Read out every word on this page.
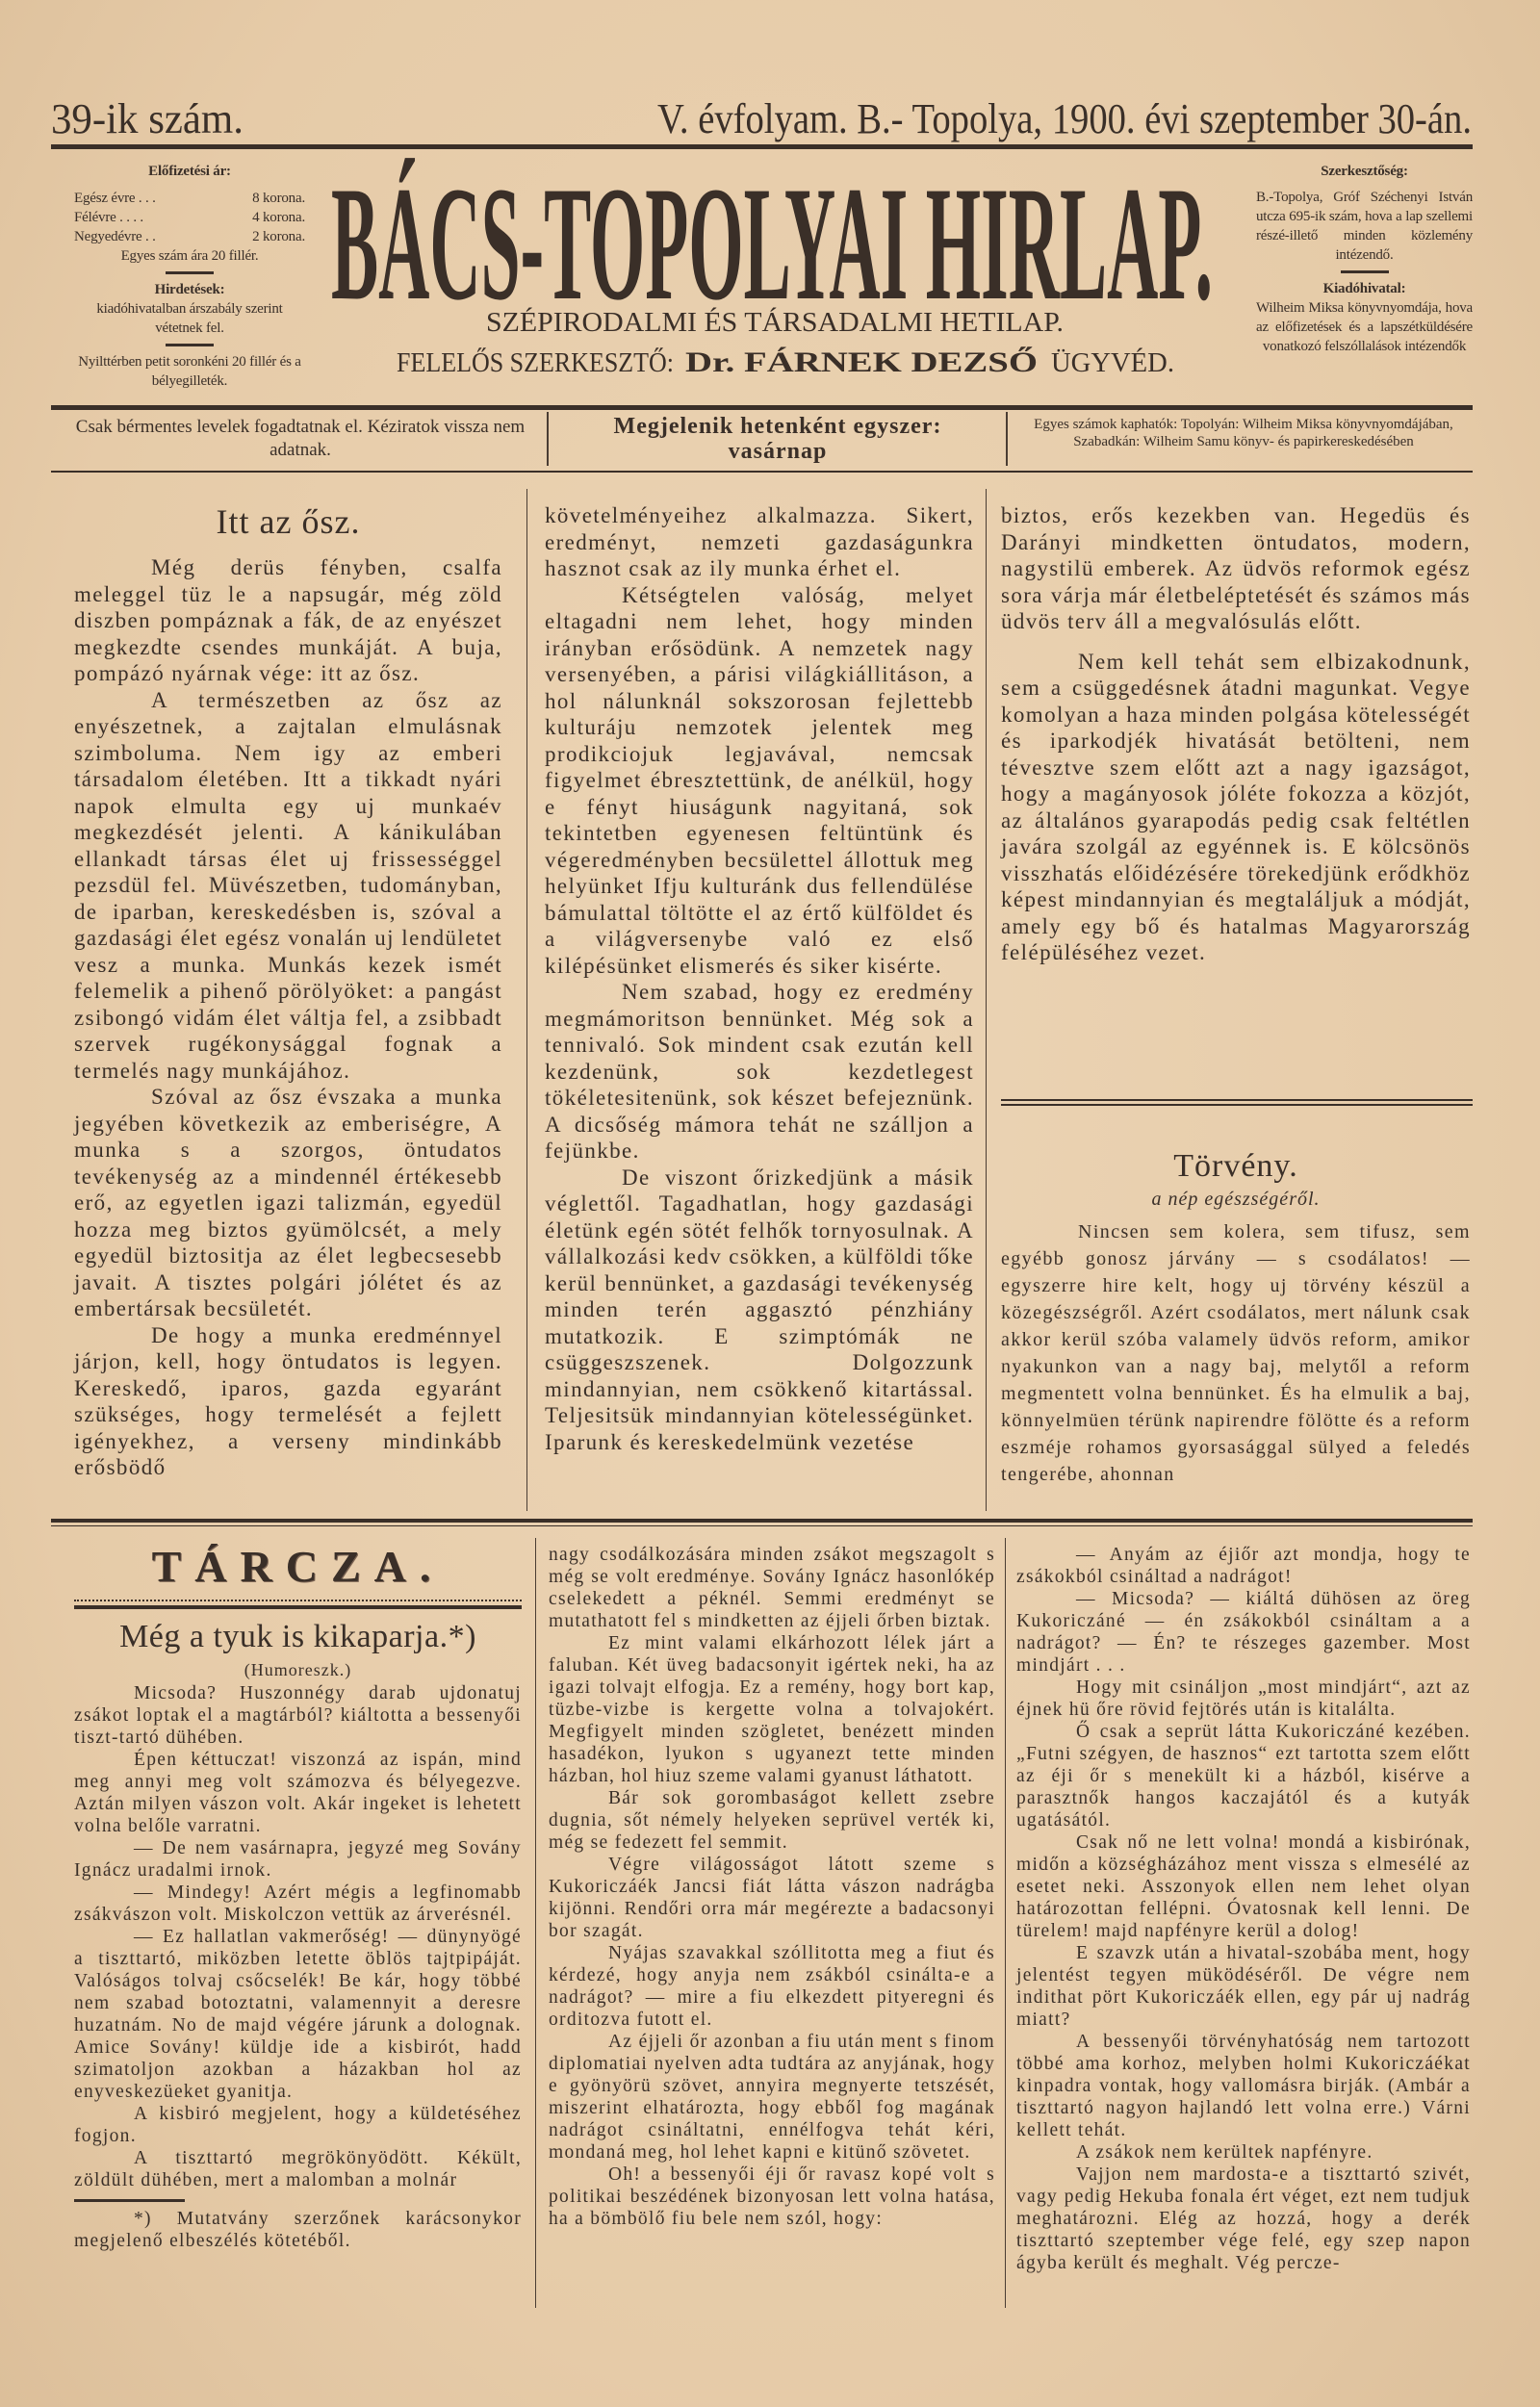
39-ik szám.	V. évfolyam. B.- Topolya, 1900. évi szeptember 30-án.
Előfizetési ár:
Egész évre . . .	8 korona.
Félévre . . . .	4 korona.
Negyedévre . .	2 korona.
Egyes szám ára 20 fillér.
Hirdetések:
kiadóhivatalban árszabály szerint vétetnek fel.
Nyilttérben petit soronkéni 20 fillér és a bélyegilleték.
BÁCS-TOPOLYAI HIRLAP.
SZÉPIRODALMI ÉS TÁRSADALMI HETILAP.
FELELŐS SZERKESZTŐ: Dr. FÁRNEK DEZSŐ ÜGYVÉD.
Szerkesztőség:
B.-Topolya, Gróf Széchenyi István utcza 695-ik szám, hova a lap szellemi részé-illető minden közlemény intézendő.
Kiadóhivatal:
Wilheim Miksa könyvnyomdája, hova az előfizetések és a lapszétküldésére vonatkozó felszóllalások intézendők
Csak bérmentes levelek fogadtatnak el. Kéziratok vissza nem adatnak.
Megjelenik hetenként egyszer:
vasárnap
Egyes számok kaphatók: Topolyán: Wilheim Miksa könyvnyomdájában, Szabadkán: Wilheim Samu könyv- és papirkereskedésében
Itt az ősz.

Még derüs fényben, csalfa meleggel tüz le a napsugár, még zöld diszben pompáznak a fák, de az enyészet megkezdte csendes munkáját. A buja, pompázó nyárnak vége: itt az ősz.

A természetben az ősz az enyészetnek, a zajtalan elmulásnak szimboluma. Nem igy az emberi társadalom életében. Itt a tikkadt nyári napok elmulta egy uj munkaév megkezdését jelenti. A kánikulában ellankadt társas élet uj frissességgel pezsdül fel. Müvészetben, tudományban, de iparban, kereskedésben is, szóval a gazdasági élet egész vonalán uj lendületet vesz a munka. Munkás kezek ismét felemelik a pihenő pörölyöket: a pangást zsibongó vidám élet váltja fel, a zsibbadt szervek rugékonysággal fognak a termelés nagy munkájához.

Szóval az ősz évszaka a munka jegyében következik az emberiségre, A munka s a szorgos, öntudatos tevékenység az a mindennél értékesebb erő, az egyetlen igazi talizmán, egyedül hozza meg biztos gyümölcsét, a mely egyedül biztositja az élet legbecsesebb javait. A tisztes polgári jólétet és az embertársak becsületét.

De hogy a munka eredménnyel járjon, kell, hogy öntudatos is legyen. Kereskedő, iparos, gazda egyaránt szükséges, hogy termelését a fejlett igényekhez, a verseny mindinkább erősbödő

követelményeihez alkalmazza. Sikert, eredményt, nemzeti gazdaságunkra hasznot csak az ily munka érhet el.

Kétségtelen valóság, melyet eltagadni nem lehet, hogy minden irányban erősödünk. A nemzetek nagy versenyében, a párisi világkiállitáson, a hol nálunknál sokszorosan fejlettebb kulturáju nemzotek jelentek meg prodikciojuk legjavával, nemcsak figyelmet ébresztettünk, de anélkül, hogy e fényt hiuságunk nagyitaná, sok tekintetben egyenesen feltüntünk és végeredményben becsülettel állottuk meg helyünket Ifju kulturánk dus fellendülése bámulattal töltötte el az értő külföldet és a világversenybe való ez első kilépésünket elismerés és siker kisérte.

Nem szabad, hogy ez eredmény megmámoritson bennünket. Még sok a tennivaló. Sok mindent csak ezután kell kezdenünk, sok kezdetlegest tökéletesitenünk, sok készet befejeznünk. A dicsőség mámora tehát ne szálljon a fejünkbe.

De viszont őrizkedjünk a másik véglettől. Tagadhatlan, hogy gazdasági életünk egén sötét felhők tornyosulnak. A vállalkozási kedv csökken, a külföldi tőke kerül bennünket, a gazdasági tevékenység minden terén aggasztó pénzhiány mutatkozik. E szimptómák ne csüggeszszenek. Dolgozzunk mindannyian, nem csökkenő kitartással. Teljesitsük mindannyian kötelességünket. Iparunk és kereskedelmünk vezetése

biztos, erős kezekben van. Hegedüs és Darányi mindketten öntudatos, modern, nagystilü emberek. Az üdvös reformok egész sora várja már életbeléptetését és számos más üdvös terv áll a megvalósulás előtt.

Nem kell tehát sem elbizakodnunk, sem a csüggedésnek átadni magunkat. Vegye komolyan a haza minden polgása kötelességét és iparkodjék hivatását betölteni, nem tévesztve szem előtt azt a nagy igazságot, hogy a magányosok jóléte fokozza a közjót, az általános gyarapodás pedig csak feltétlen javára szolgál az egyénnek is. E kölcsönös visszhatás előidézésére törekedjünk erődkhöz képest mindannyian és megtaláljuk a módját, amely egy bő és hatalmas Magyarország felépüléséhez vezet.

Törvény.
a nép egészségéről.

Nincsen sem kolera, sem tifusz, sem egyébb gonosz járvány — s csodálatos! — egyszerre hire kelt, hogy uj törvény készül a közegészségről. Azért csodálatos, mert nálunk csak akkor kerül szóba valamely üdvös reform, amikor nyakunkon van a nagy baj, melytől a reform megmentett volna bennünket. És ha elmulik a baj, könnyelmüen térünk napirendre fölötte és a reform eszméje rohamos gyorsasággal sülyed a feledés tengerébe, ahonnan

TÁRCZA.
Még a tyuk is kikaparja.*)
(Humoreszk.)

Micsoda? Huszonnégy darab ujdonatuj zsákot loptak el a magtárból? kiáltotta a bessenyői tiszt-tartó dühében.

Épen kéttuczat! viszonzá az ispán, mind meg annyi meg volt számozva és bélyegezve. Aztán milyen vászon volt. Akár ingeket is lehetett volna belőle varratni.

— De nem vasárnapra, jegyzé meg Sovány Ignácz uradalmi irnok.

— Mindegy! Azért mégis a legfinomabb zsákvászon volt. Miskolczon vettük az árverésnél.

— Ez hallatlan vakmerőség! — dünynyögé a tiszttartó, miközben letette öblös tajtpipáját. Valóságos tolvaj csőcselék! Be kár, hogy többé nem szabad botoztatni, valamennyit a deresre huzatnám. No de majd végére járunk a dolognak. Amice Sovány! küldje ide a kisbirót, hadd szimatoljon azokban a házakban hol az enyveskezüeket gyanitja.

A kisbiró megjelent, hogy a küldetéséhez fogjon.

A tiszttartó megrökönyödött. Kékült, zöldült dühében, mert a malomban a molnár

*) Mutatvány szerzőnek karácsonykor megjelenő elbeszélés kötetéből.

nagy csodálkozására minden zsákot megszagolt s még se volt eredménye. Sovány Ignácz hasonlókép cselekedett a péknél. Semmi eredményt se mutathatott fel s mindketten az éjjeli őrben biztak.

Ez mint valami elkárhozott lélek járt a faluban. Két üveg badacsonyit igértek neki, ha az igazi tolvajt elfogja. Ez a remény, hogy bort kap, tüzbe-vizbe is kergette volna a tolvajokért. Megfigyelt minden szögletet, benézett minden hasadékon, lyukon s ugyanezt tette minden házban, hol hiuz szeme valami gyanust láthatott.

Bár sok gorombaságot kellett zsebre dugnia, sőt némely helyeken seprüvel verték ki, még se fedezett fel semmit.

Végre világosságot látott szeme s Kukoriczáék Jancsi fiát látta vászon nadrágba kijönni. Rendőri orra már megérezte a badacsonyi bor szagát.

Nyájas szavakkal szóllitotta meg a fiut és kérdezé, hogy anyja nem zsákból csinálta-e a nadrágot? — mire a fiu elkezdett pityeregni és orditozva futott el.

Az éjjeli őr azonban a fiu után ment s finom diplomatiai nyelven adta tudtára az anyjának, hogy e gyönyörü szövet, annyira megnyerte tetszését, miszerint elhatározta, hogy ebből fog magának nadrágot csináltatni, ennélfogva tehát kéri, mondaná meg, hol lehet kapni e kitünő szövetet.

Oh! a bessenyői éji őr ravasz kopé volt s politikai beszédének bizonyosan lett volna hatása, ha a bömbölő fiu bele nem szól, hogy:

— Anyám az éjiőr azt mondja, hogy te zsákokból csináltad a nadrágot!

— Micsoda? — kiáltá dühösen az öreg Kukoriczáné — én zsákokból csináltam a a nadrágot? — Én? te részeges gazember. Most mindjárt . . .

Hogy mit csináljon „most mindjárt“, azt az éjnek hü őre rövid fejtörés után is kitalálta.

Ő csak a seprüt látta Kukoriczáné kezében. „Futni szégyen, de hasznos“ ezt tartotta szem előtt az éji őr s menekült ki a házból, kisérve a parasztnők hangos kaczajától és a kutyák ugatásától.

Csak nő ne lett volna! mondá a kisbirónak, midőn a községházához ment vissza s elmesélé az esetet neki. Asszonyok ellen nem lehet olyan határozottan fellépni. Óvatosnak kell lenni. De türelem! majd napfényre kerül a dolog!

E szavzk után a hivatal-szobába ment, hogy jelentést tegyen müködéséről. De végre nem indithat pört Kukoriczáék ellen, egy pár uj nadrág miatt?

A bessenyői törvényhatóság nem tartozott többé ama korhoz, melyben holmi Kukoriczáékat kinpadra vontak, hogy vallomásra birják. (Ambár a tiszttartó nagyon hajlandó lett volna erre.) Várni kellett tehát.

A zsákok nem kerültek napfényre.

Vajjon nem mardosta-e a tiszttartó szivét, vagy pedig Hekuba fonala ért véget, ezt nem tudjuk meghatározni. Elég az hozzá, hogy a derék tiszttartó szeptember vége felé, egy szep napon ágyba került és meghalt. Vég percze-
